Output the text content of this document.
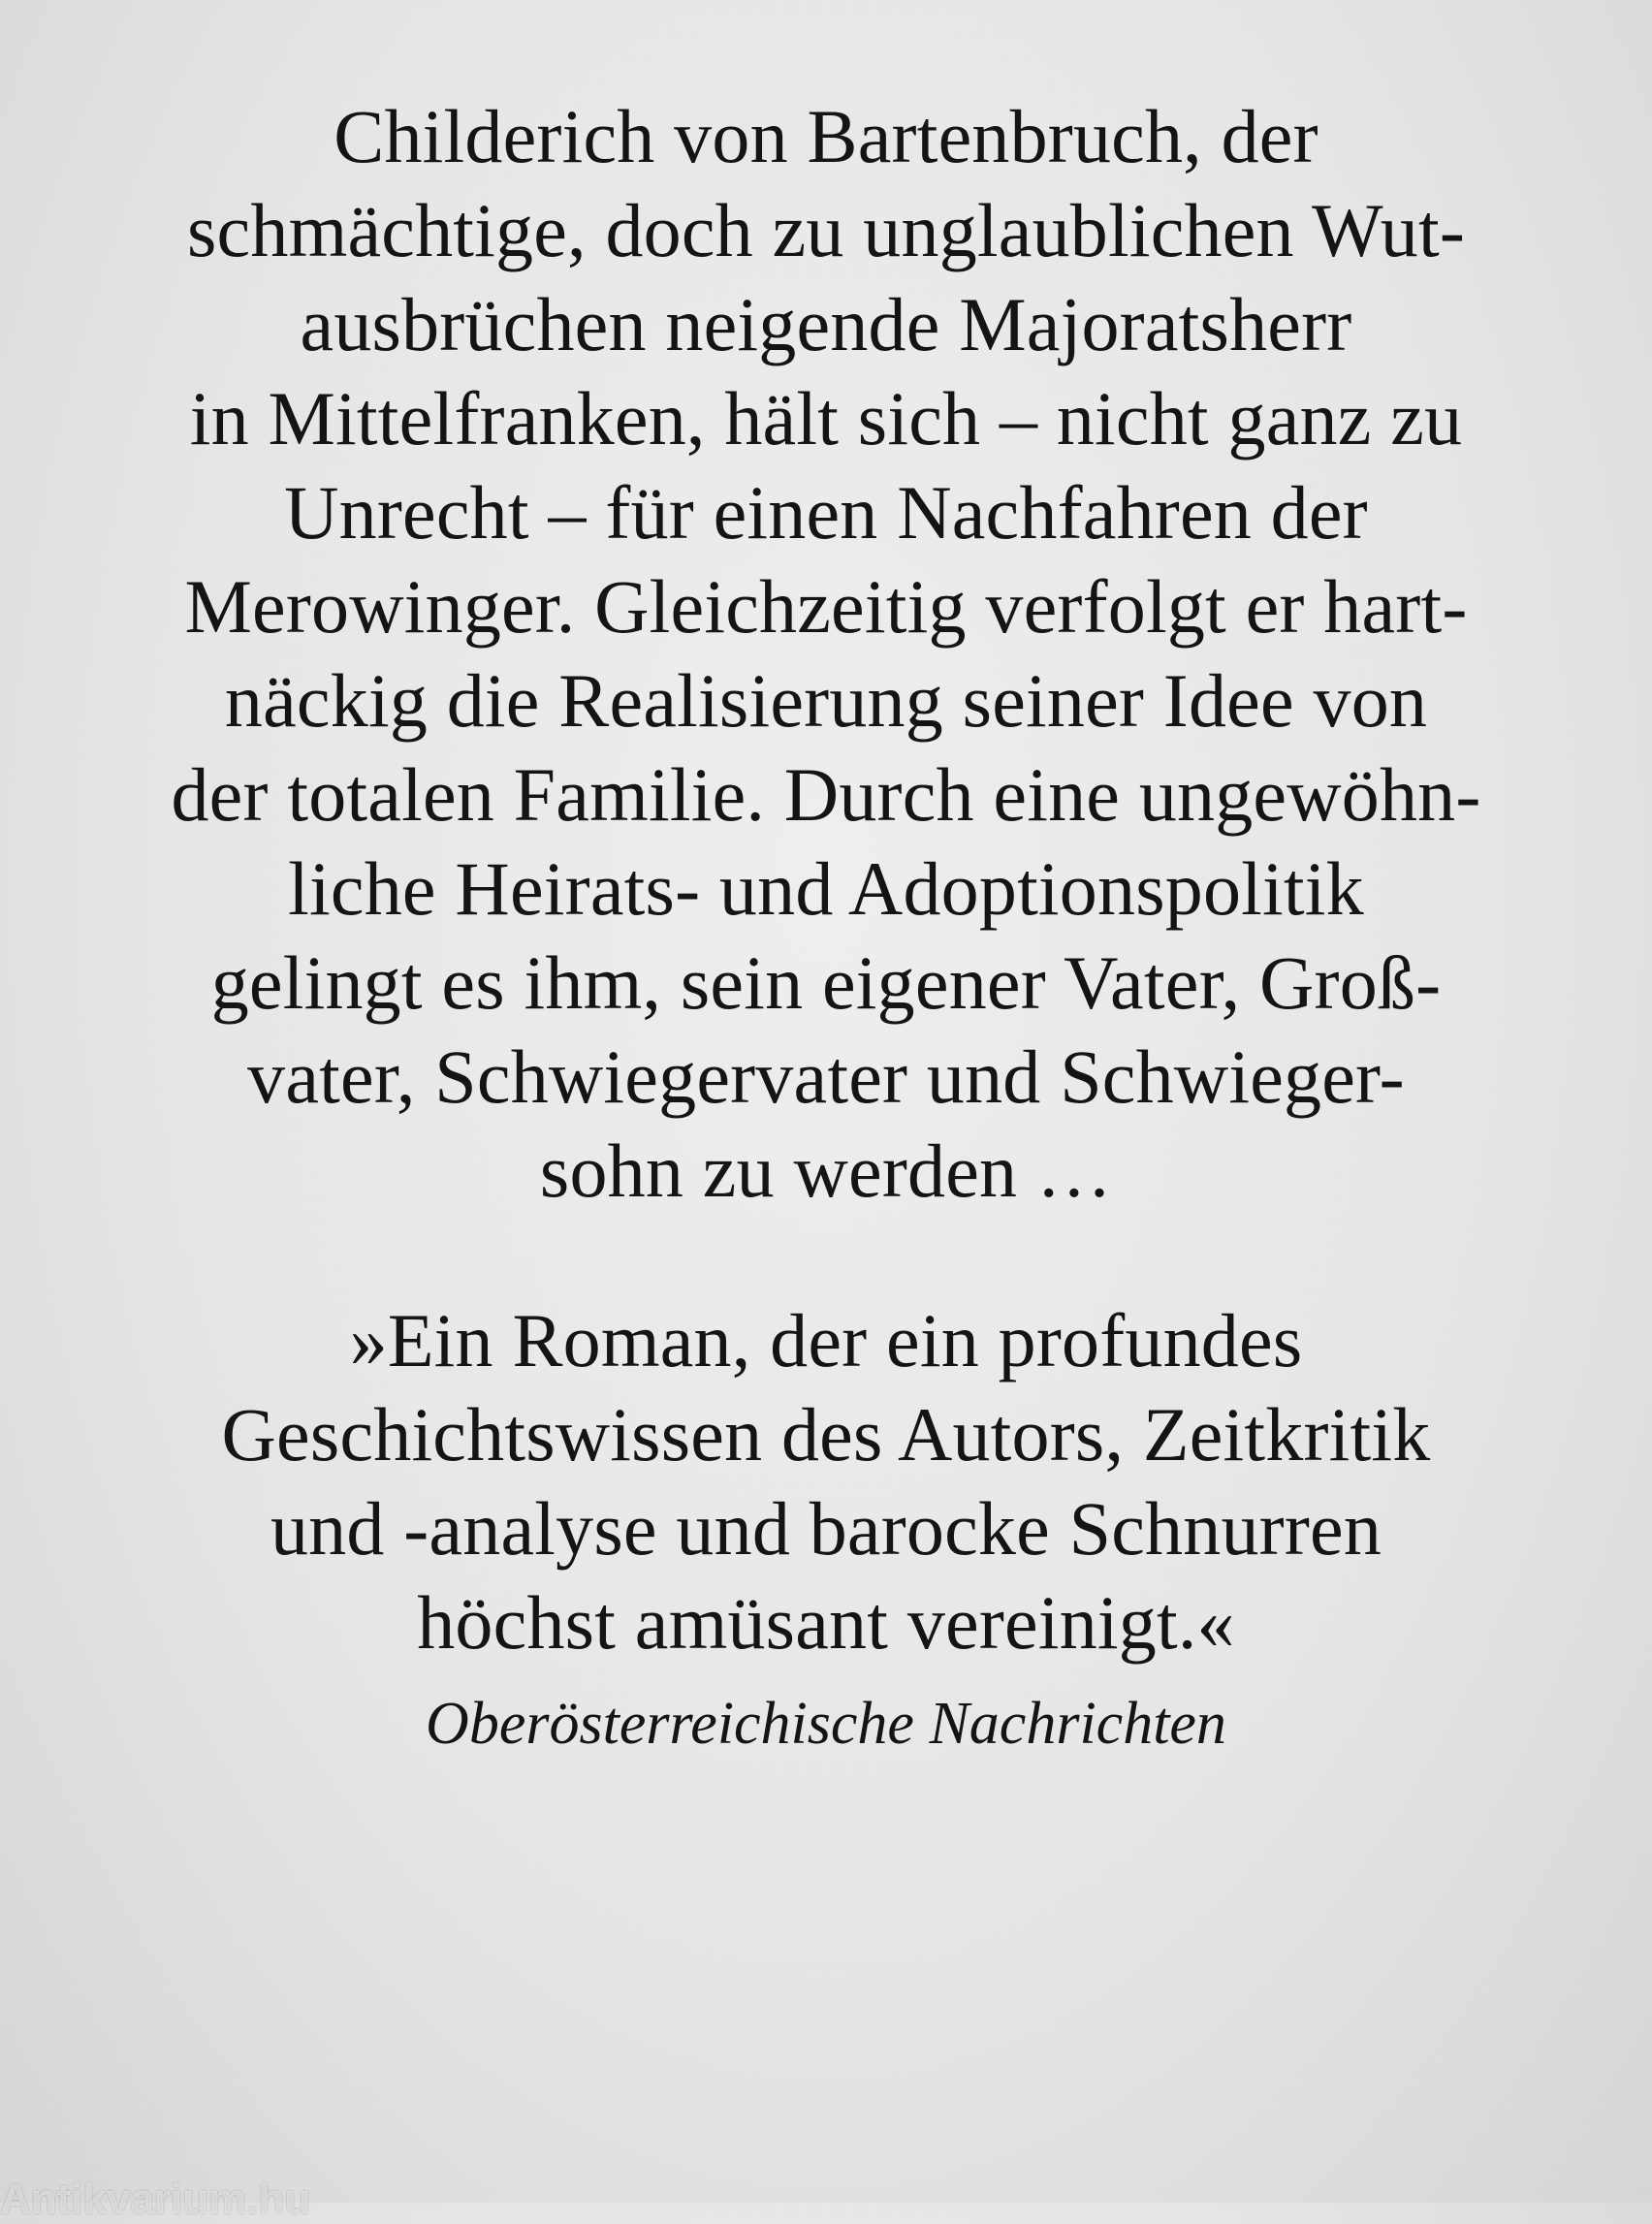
Childerich von Bartenbruch, der
schmächtige, doch zu unglaublichen Wut-
ausbrüchen neigende Majoratsherr
in Mittelfranken, hält sich – nicht ganz zu
Unrecht – für einen Nachfahren der
Merowinger. Gleichzeitig verfolgt er hart-
näckig die Realisierung seiner Idee von
der totalen Familie. Durch eine ungewöhn-
liche Heirats- und Adoptionspolitik
gelingt es ihm, sein eigener Vater, Groß-
vater, Schwiegervater und Schwieger-
sohn zu werden …
»Ein Roman, der ein profundes
Geschichtswissen des Autors, Zeitkritik
und -analyse und barocke Schnurren
höchst amüsant vereinigt.«
Oberösterreichische Nachrichten
Antikvarium.hu
